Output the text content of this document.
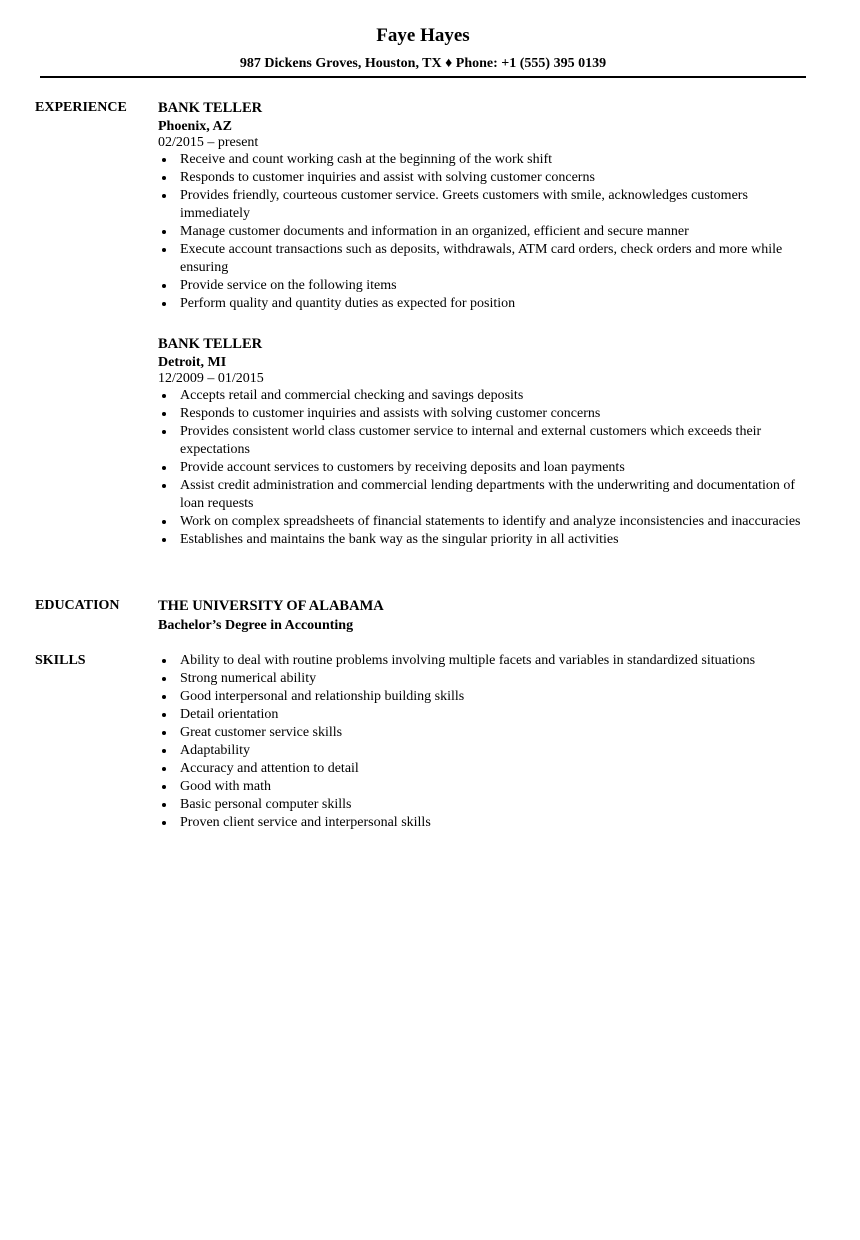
Faye Hayes
987 Dickens Groves, Houston, TX ♦ Phone: +1 (555) 395 0139
EXPERIENCE BANK TELLER
Phoenix, AZ
02/2015 – present
Receive and count working cash at the beginning of the work shift
Responds to customer inquiries and assist with solving customer concerns
Provides friendly, courteous customer service. Greets customers with smile, acknowledges customers immediately
Manage customer documents and information in an organized, efficient and secure manner
Execute account transactions such as deposits, withdrawals, ATM card orders, check orders and more while ensuring
Provide service on the following items
Perform quality and quantity duties as expected for position
BANK TELLER
Detroit, MI
12/2009 – 01/2015
Accepts retail and commercial checking and savings deposits
Responds to customer inquiries and assists with solving customer concerns
Provides consistent world class customer service to internal and external customers which exceeds their expectations
Provide account services to customers by receiving deposits and loan payments
Assist credit administration and commercial lending departments with the underwriting and documentation of loan requests
Work on complex spreadsheets of financial statements to identify and analyze inconsistencies and inaccuracies
Establishes and maintains the bank way as the singular priority in all activities
EDUCATION	THE UNIVERSITY OF ALABAMA
Bachelor’s Degree in Accounting
SKILLS	Ability to deal with routine problems involving multiple facets and variables in standardized situations
Strong numerical ability
Good interpersonal and relationship building skills
Detail orientation
Great customer service skills
Adaptability
Accuracy and attention to detail
Good with math
Basic personal computer skills
Proven client service and interpersonal skills
